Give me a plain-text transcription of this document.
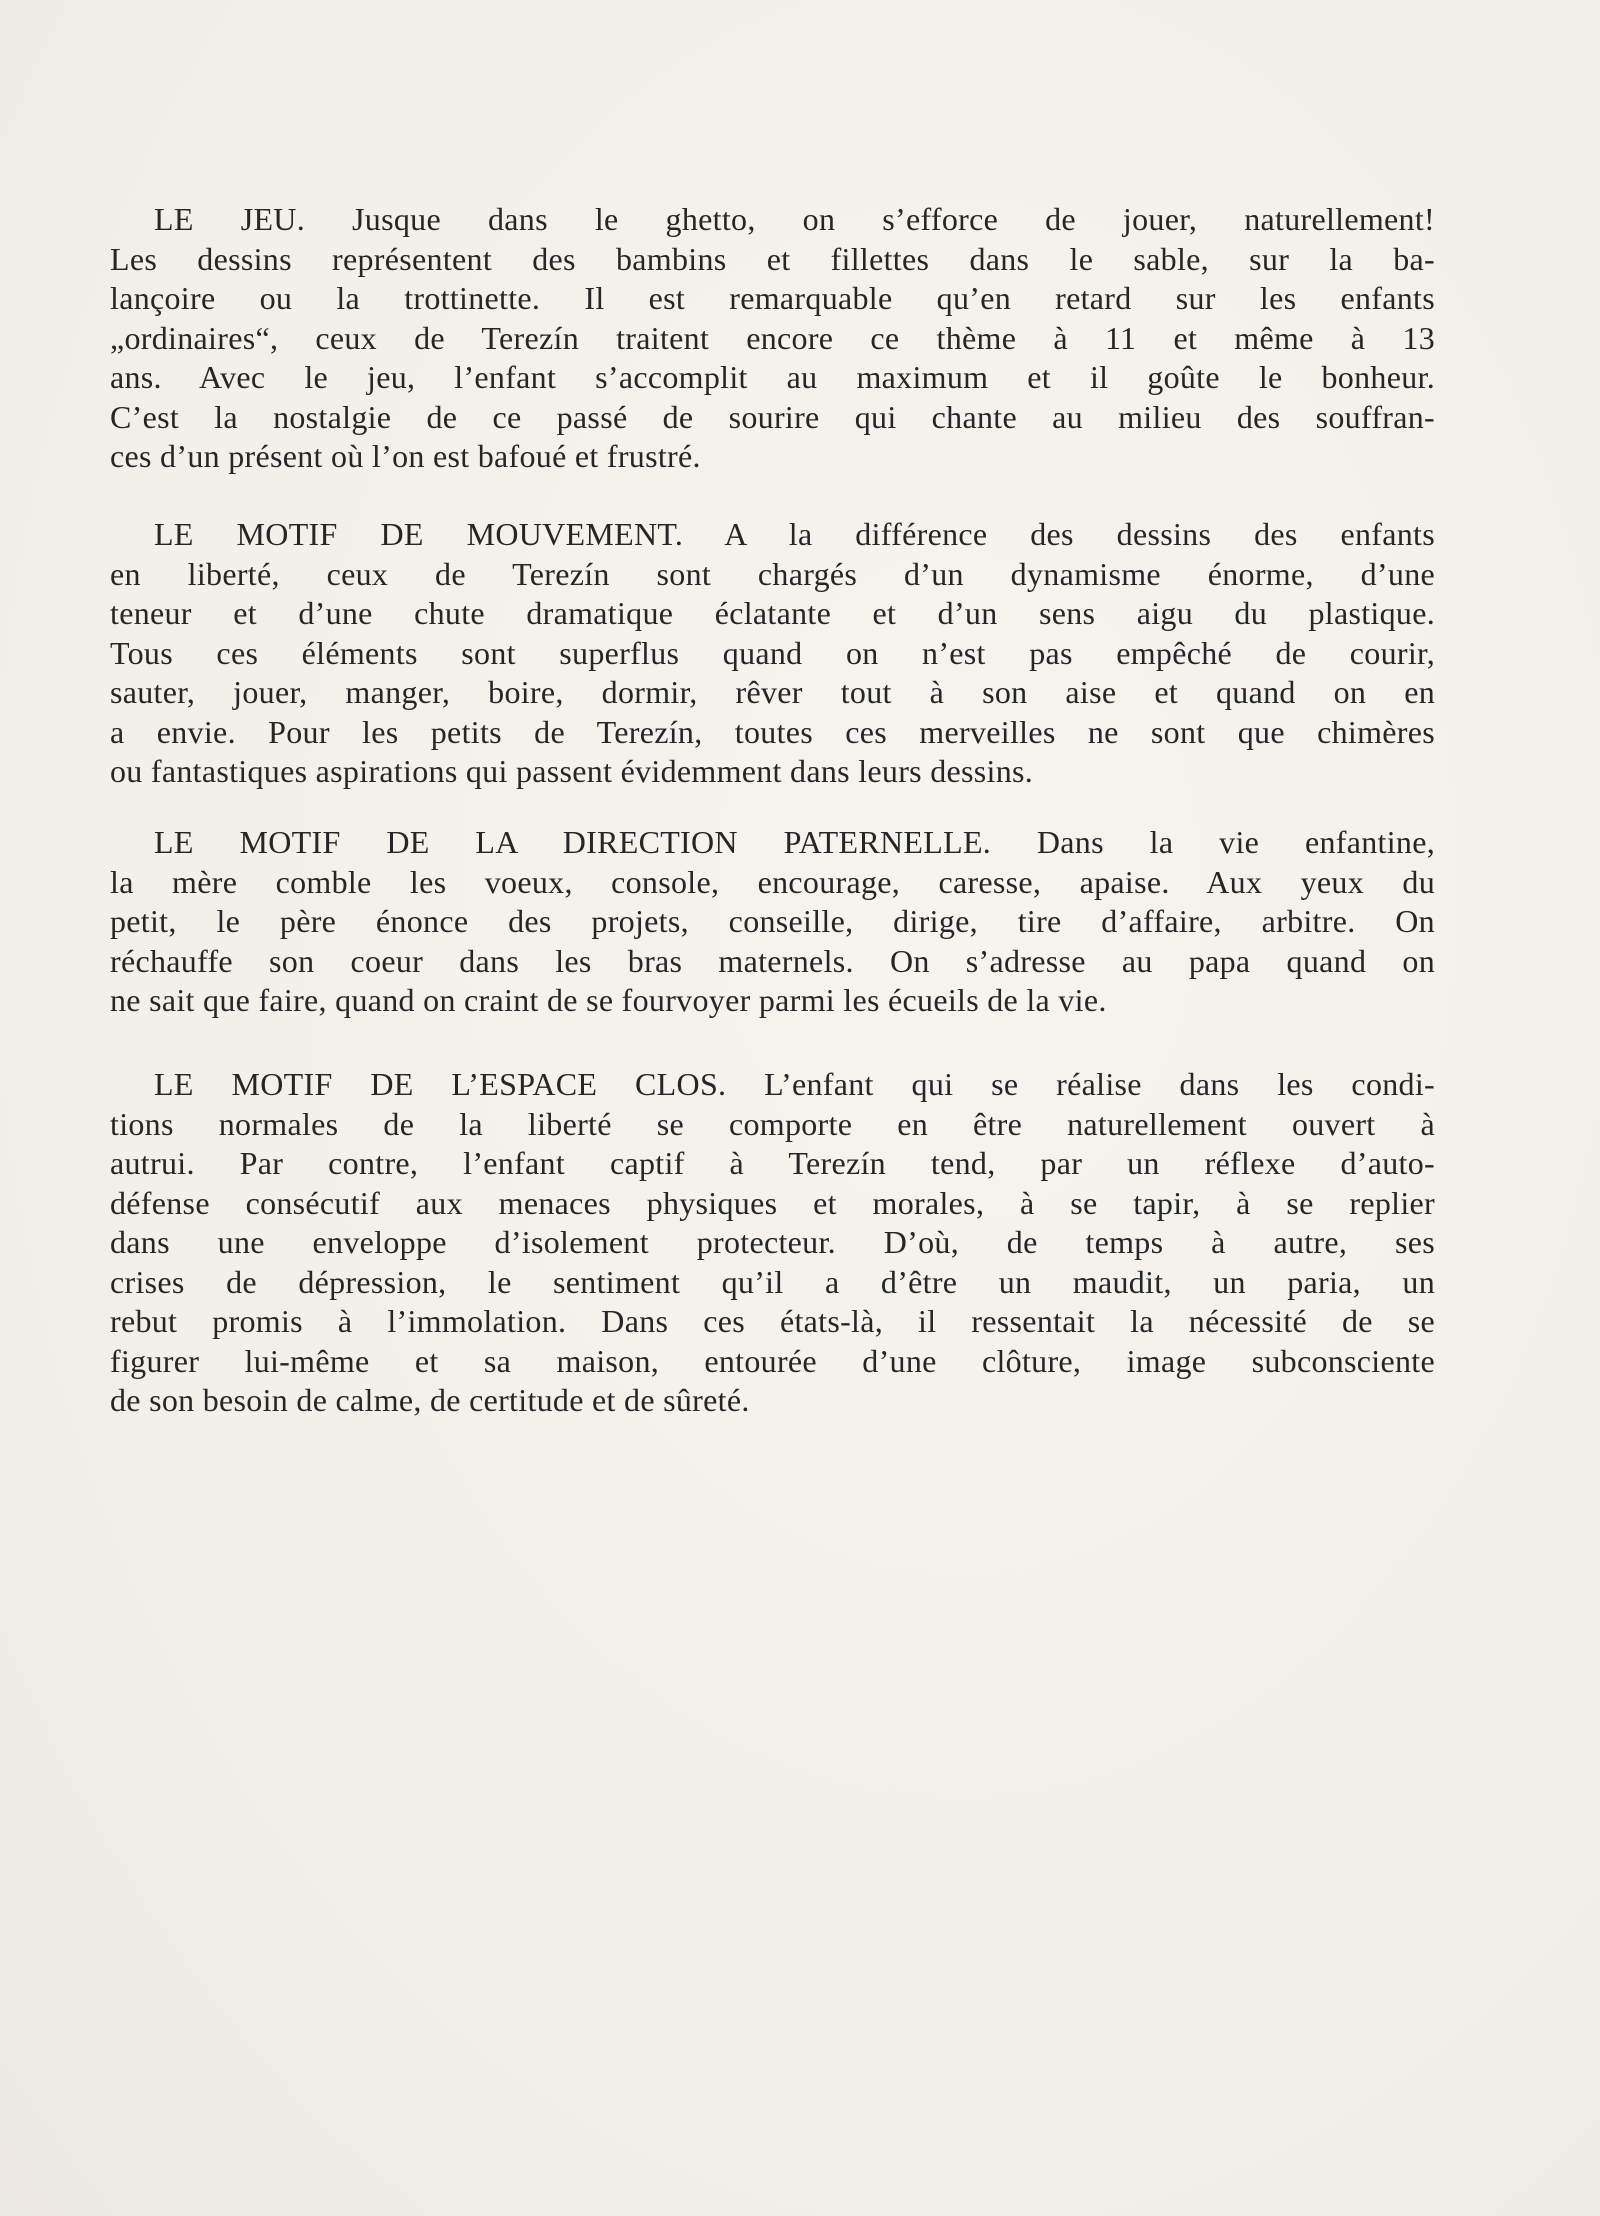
LE JEU. Jusque dans le ghetto, on s’efforce de jouer, naturellement!
Les dessins représentent des bambins et fillettes dans le sable, sur la ba-
lançoire ou la trottinette. Il est remarquable qu’en retard sur les enfants
„ordinaires“, ceux de Terezín traitent encore ce thème à 11 et même à 13
ans. Avec le jeu, l’enfant s’accomplit au maximum et il goûte le bonheur.
C’est la nostalgie de ce passé de sourire qui chante au milieu des souffran-
ces d’un présent où l’on est bafoué et frustré.
LE MOTIF DE MOUVEMENT. A la différence des dessins des enfants
en liberté, ceux de Terezín sont chargés d’un dynamisme énorme, d’une
teneur et d’une chute dramatique éclatante et d’un sens aigu du plastique.
Tous ces éléments sont superflus quand on n’est pas empêché de courir,
sauter, jouer, manger, boire, dormir, rêver tout à son aise et quand on en
a envie. Pour les petits de Terezín, toutes ces merveilles ne sont que chimères
ou fantastiques aspirations qui passent évidemment dans leurs dessins.
LE MOTIF DE LA DIRECTION PATERNELLE. Dans la vie enfantine,
la mère comble les voeux, console, encourage, caresse, apaise. Aux yeux du
petit, le père énonce des projets, conseille, dirige, tire d’affaire, arbitre. On
réchauffe son coeur dans les bras maternels. On s’adresse au papa quand on
ne sait que faire, quand on craint de se fourvoyer parmi les écueils de la vie.
LE MOTIF DE L’ESPACE CLOS. L’enfant qui se réalise dans les condi-
tions normales de la liberté se comporte en être naturellement ouvert à
autrui. Par contre, l’enfant captif à Terezín tend, par un réflexe d’auto-
défense consécutif aux menaces physiques et morales, à se tapir, à se replier
dans une enveloppe d’isolement protecteur. D’où, de temps à autre, ses
crises de dépression, le sentiment qu’il a d’être un maudit, un paria, un
rebut promis à l’immolation. Dans ces états-là, il ressentait la nécessité de se
figurer lui-même et sa maison, entourée d’une clôture, image subconsciente
de son besoin de calme, de certitude et de sûreté.
